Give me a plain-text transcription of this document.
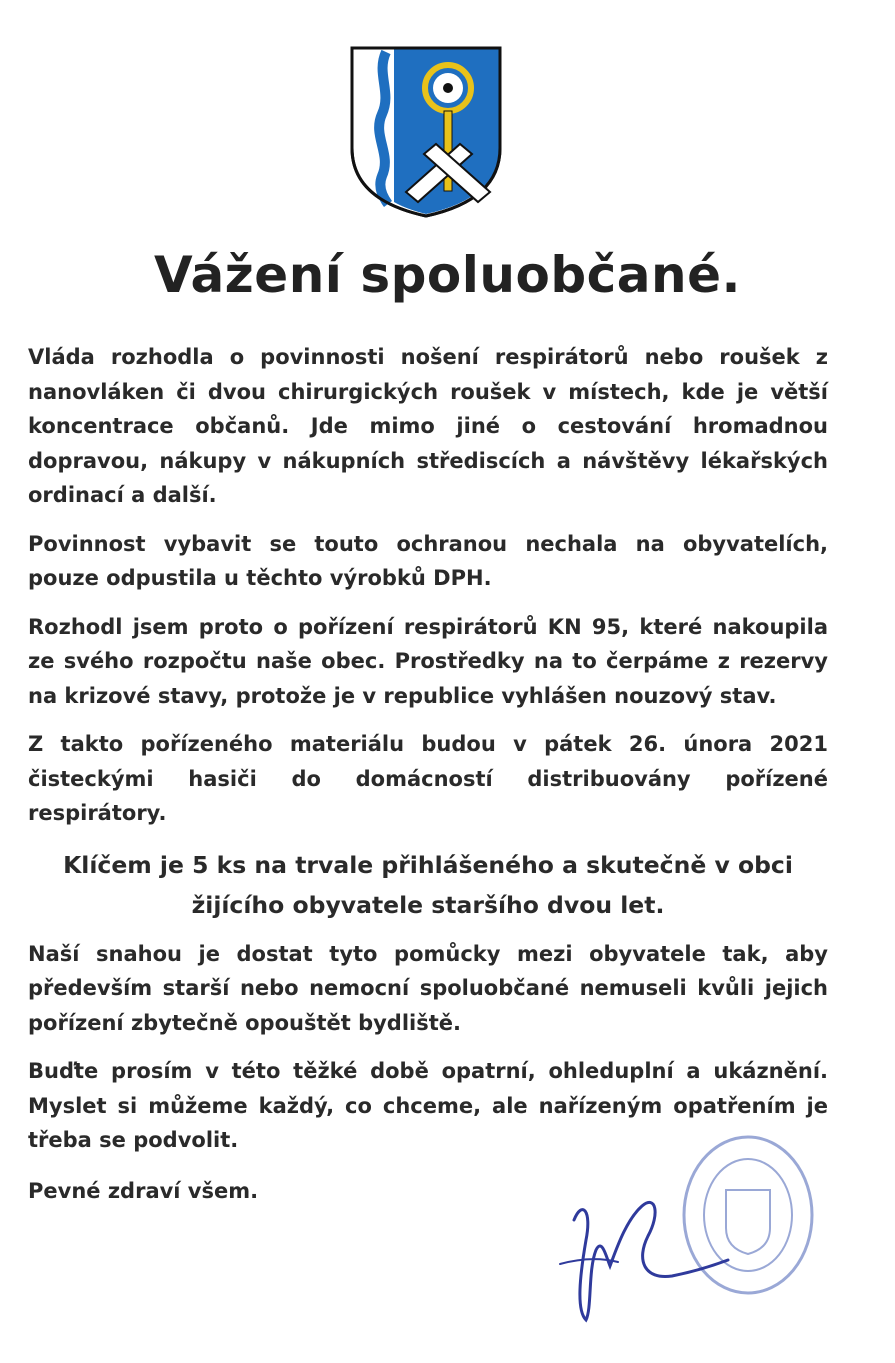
Vážení spoluobčané.

Vláda rozhodla o povinnosti nošení respirátorů nebo roušek z nanovláken či dvou chirurgických roušek v místech, kde je větší koncentrace občanů. Jde mimo jiné o cestování hromadnou dopravou, nákupy v nákupních střediscích a návštěvy lékařských ordinací a další.

Povinnost vybavit se touto ochranou nechala na obyvatelích, pouze odpustila u těchto výrobků DPH.

Rozhodl jsem proto o pořízení respirátorů KN 95, které nakoupila ze svého rozpočtu naše obec. Prostředky na to čerpáme z rezervy na krizové stavy, protože je v republice vyhlášen nouzový stav.

Z takto pořízeného materiálu budou v pátek 26. února 2021 čisteckými hasiči do domácností distribuovány pořízené respirátory.

Klíčem je 5 ks na trvale přihlášeného a skutečně v obci
žijícího obyvatele staršího dvou let.

Naší snahou je dostat tyto pomůcky mezi obyvatele tak, aby především starší nebo nemocní spoluobčané nemuseli kvůli jejich pořízení zbytečně opouštět bydliště.

Buďte prosím v této těžké době opatrní, ohleduplní a ukáznění. Myslet si můžeme každý, co chceme, ale nařízeným opatřením je třeba se podvolit.

Pevné zdraví všem.
